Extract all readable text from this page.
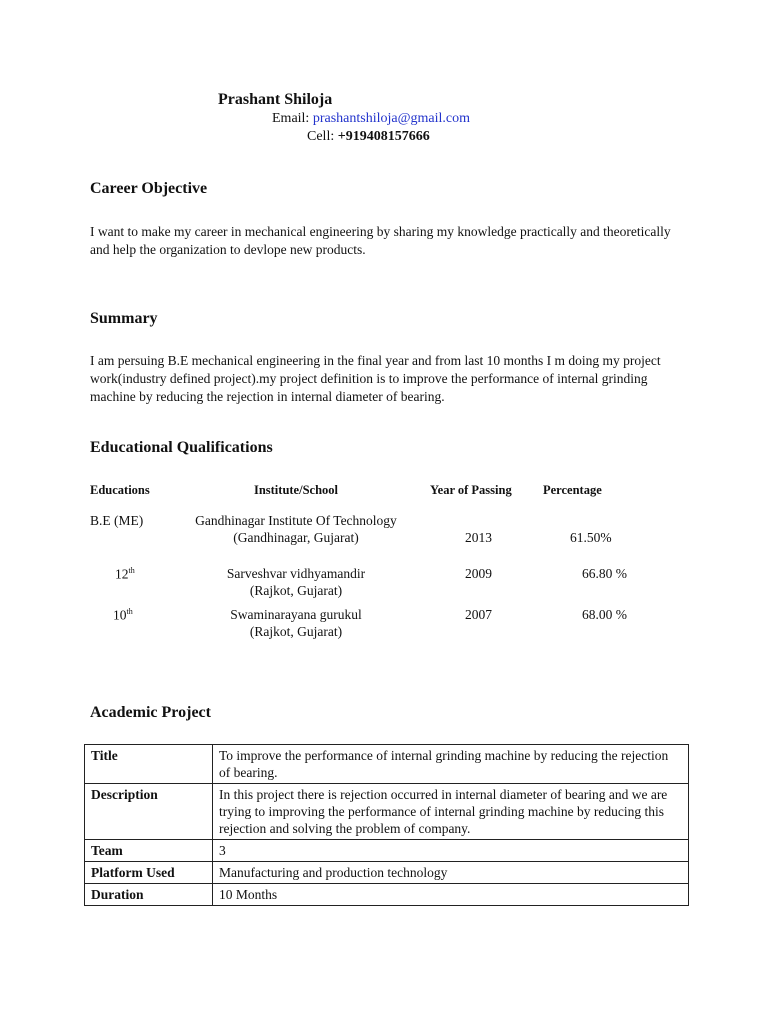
Prashant Shiloja
Email: prashantshiloja@gmail.com
Cell: +919408157666
Career Objective
I want to make my career in mechanical engineering by sharing my knowledge practically and theoretically and help the organization to devlope new products.
Summary
I am persuing B.E mechanical engineering in the final year and from last 10 months I m doing my project work(industry defined project).my project definition is to improve the performance of internal grinding machine by reducing the rejection in internal diameter of bearing.
Educational Qualifications
Educations	Institute/School	Year of Passing	Percentage
B.E (ME)	Gandhinagar Institute Of Technology
(Gandhinagar, Gujarat)	2013	61.50%
12th	Sarveshvar vidhyamandir
(Rajkot, Gujarat)
2009	66.80 %
10th	Swaminarayana gurukul
(Rajkot, Gujarat)
2007	68.00 %
Academic Project
Title	To improve the performance of internal grinding machine by reducing the rejection of bearing.
Description	In this project there is rejection occurred in internal diameter of bearing and we are trying to improving the performance of internal grinding machine by reducing this rejection and solving the problem of company.
Team	3
Platform Used	Manufacturing and production technology
Duration	10 Months
